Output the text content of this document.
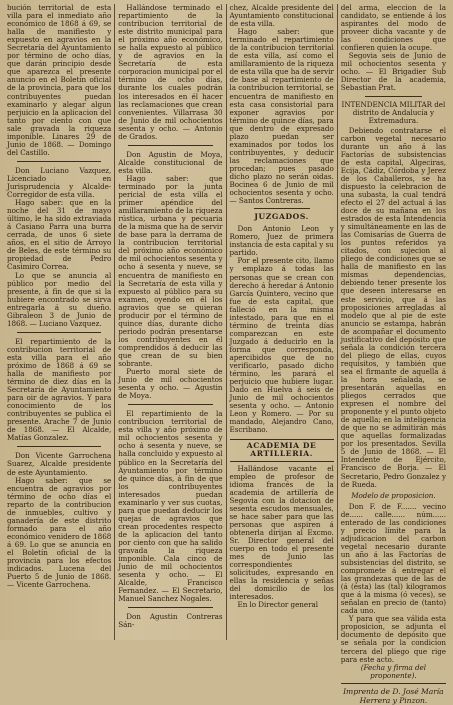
bución territorial de esta villa para el inmediato año económico de 1868 á 69, se halla de manifiesto y expuesto en agravios en la Secretaría del Ayuntamiento por término de ocho días, que darán principio desde que aparezca el presente anuncio en el Boletín oficial de la provincia, para que los contribuyentes puedan examinarlo y alegar algun perjuicio en la aplicacion del tanto por ciento con que sale gravada la riqueza imponible. Linares 29 de Junio de 1868. — Domingo del Castillo.

Don Luciano Vazquez, Licenciado en Jurisprudencia y Alcalde-Corregidor de esta villa.

Hago saber: que en la noche del 31 de mayo último, le ha sido extraviada á Casiano Parra una burra cerrada, de unos 6 siete años, en el sitio de Arroyo de Beles, de este término su propiedad de Pedro Casimiro Correa.

Lo que se anuncia al público por medio del presente, á fin de que si la hubiere encontrado se sirva entregarla á su dueño. Gibraleon 3 de Junio de 1868. — Luciano Vazquez.

El repartimiento de la contribucion territorial de esta villa para el año próximo de 1868 á 69 se halla de manifiesto por término de diez días en la Secretaría de Ayuntamiento para oir de agravios. Y para conocimiento de los contribuyentes se publica el presente. Arache 7 de Junio de 1868. — El Alcalde, Matías Gonzalez.

Don Vicente Garrochena Suarez, Alcalde presidente de este Ayuntamiento.

Hago saber: que se encuentra de agravios por término de ocho días el reparto de la contribucion de inmuebles, cultivo y ganadería de este distrito formado para el año económico venidero de 1868 á 69. Lo que se anuncia en el Boletín oficial de la provincia para los efectos indicados. Lucena del Puerto 5 de Junio de 1868. — Vicente Garrochena.

Hallándose terminado el repartimiento de la contribucion territorial de este distrito municipal para el próximo año económico, se halla expuesto al público y de agravios en la Secretaría de esta corporacion municipal por el término de ocho días, durante los cuales podrán los interesados en él hacer las reclamaciones que crean convenientes. Villarrasa 30 de Junio de mil ochocientos sesenta y ocho. — Antonio de Grados.

Don Agustin de Moya, Alcalde constitucional de esta villa.

Hago saber: que terminado por la junta pericial de esta villa el primer apéndice del amillaramiento de la riqueza rústica, urbana y pecuaria de la misma que ha de servir de base para la derrama de la contribucion territorial del próximo año económico de mil ochocientos sesenta y ocho á sesenta y nueve, se encuentra de manifiesto en la Secretaría de esta villa y expuesto al público para su examen, oyendo en él los agravios que se quieran producir por el término de quince días, durante dicho periodo podrán presentarse los contribuyentes en él comprendidos á deducir las que crean de su bien sobrante.

Puerto moral siete de Junio de mil ochocientos sesenta y ocho. — Agustin de Moya.

El repartimiento de la contribucion territorial de esta villa y año próximo de mil ochocientos sesenta y ocho á sesenta y nueve, se halla concluido y expuesto al público en la Secretaría del Ayuntamiento por término de quince días, á fin de que los contribuyentes interesados puedan examinarlo y ver sus cuotas, para que puedan deducir los quejas de agravios que crean procedentes respecto de la aplicacion del tanto por ciento con que ha salido gravada la riqueza imponible. Cala cinco de Junio de mil ochocientos sesenta y ocho. — El Alcalde, Francisco Fernandez. — El Secretario, Manuel Sanchez Nogales.

Don Agustin Contreras Sán-

chez, Alcalde presidente del Ayuntamiento constitucional de esta villa.

Hago saber: que terminado el repartimiento de la contribucion territorial de esta villa, así como el amillaramiento de la riqueza de esta villa que ha de servir de base al repartimiento de la contribucion territorial, se encuentra de manifiesto en esta casa consistorial para exponer agravios por término de quince días, para que dentro de expresado plazo puedan ser examinados por todos los contribuyentes, y deducir las reclamaciones que procedan; pues pasado dicho plazo no serán oidas. Bocinea 6 de Junio de mil ochocientos sesenta y ocho. — Santos Contreras.

JUZGADOS.

Don Antonio Leon y Romero, Juez de primera instancia de esta capital y su partido.

Por el presente cito, llamo y emplazo á todas las personas que se crean con derecho á heredar á Antonio García Quintero, vecino que fue de esta capital, que falleció en la misma intestado, para que en el término de treinta días comparezcan en este Juzgado á deducirlo en la forma que corresponda, apercibidos que de no verificarlo, pasado dicho término, les parará el perjuicio que hubiere lugar. Dado en Huelva á seis de Junio de mil ochocientos sesenta y ocho. — Antonio Leon y Romero. — Por su mandado, Alejandro Cano, Escribano.

ACADEMIA DE ARTILLERIA.

Hallándose vacante el empleo de profesor de idioma francés de la academia de artillería de Segovia con la dotacion de sesenta escudos mensuales, se hace saber para que las personas que aspiren á obtenerla dirijan al Excmo. Sr. Director general del cuerpo en todo el presente mes de Junio las correspondientes solicitudes, expresando en ellas la residencia y señas del domicilio de los interesados.

En lo Director general

del arma, eleccion de la candidato, se entiende á los aspirantes del modo de proveer dicha vacante y de las condiciones que confieren quien la ocupe.

Segovia seis de Junio de mil ochocientos sesenta y ocho. — El Brigadier Sub Director de la academia, Sebastian Prat.

INTENDENCIA MILITAR del distrito de Andalucía y Extremadura.

Debiendo contratarse el carbon vegetal necesario durante un año á las Factorías de subsistencias de esta capital, Algeciras, Ecija, Cádiz, Córdoba y Jerez de los Caballeros, se ha dispuesto la celebracion de una subasta, la cual tendrá efecto el 27 del actual á las doce de su mañana en los estrados de esta Intendencia y simultáneamente en las de las Comisarías de Guerra de los puntos referidos ya citados, con sujecion al pliego de condiciones que se halla de manifiesto en las mismas dependencias, debiendo tener presente los que deseen interesarse en este servicio, que á las proposiciones arregladas al modelo que al pie de este anuncio se estampa, habrán de acompañar el documento justificativo del depósito que señala la condición tercera del pliego de ellas, cuyos requisitos, y también que sea el firmante de aquella á la hora señalada, se presentarán aquellas en pliegos cerrados que expresen el nombre del proponente y el punto objeto de aquella; en la inteligencia de que no se admitirán más que aquellas formalizadas por los presentados. Sevilla 5 de Junio de 1868. — El Intendente de Ejército, Francisco de Borja. — El Secretario, Pedro Gonzalez y de Rueda.

Modelo de proposicion.

Don F. de F....... vecino de...... calle...... núm...... enterado de las condiciones y precio límite para la adjudicacion del carbon vegetal necesario durante un año á las Factorías de subsistencias del distrito, se compromete á entregar el las grandezas que de las de (á (ésta) las (tal) kilogramos que á la misma (ó veces), se señalan en precio de (tanto) cada uno.

Y para que sea válida esta proposicion, se adjunta el documento de depósito que se señala por la condicion tercera del pliego que rige para este acto.

(Fecha y firma del proponente).

Imprenta de D. José María Herrera y Pinzon.
